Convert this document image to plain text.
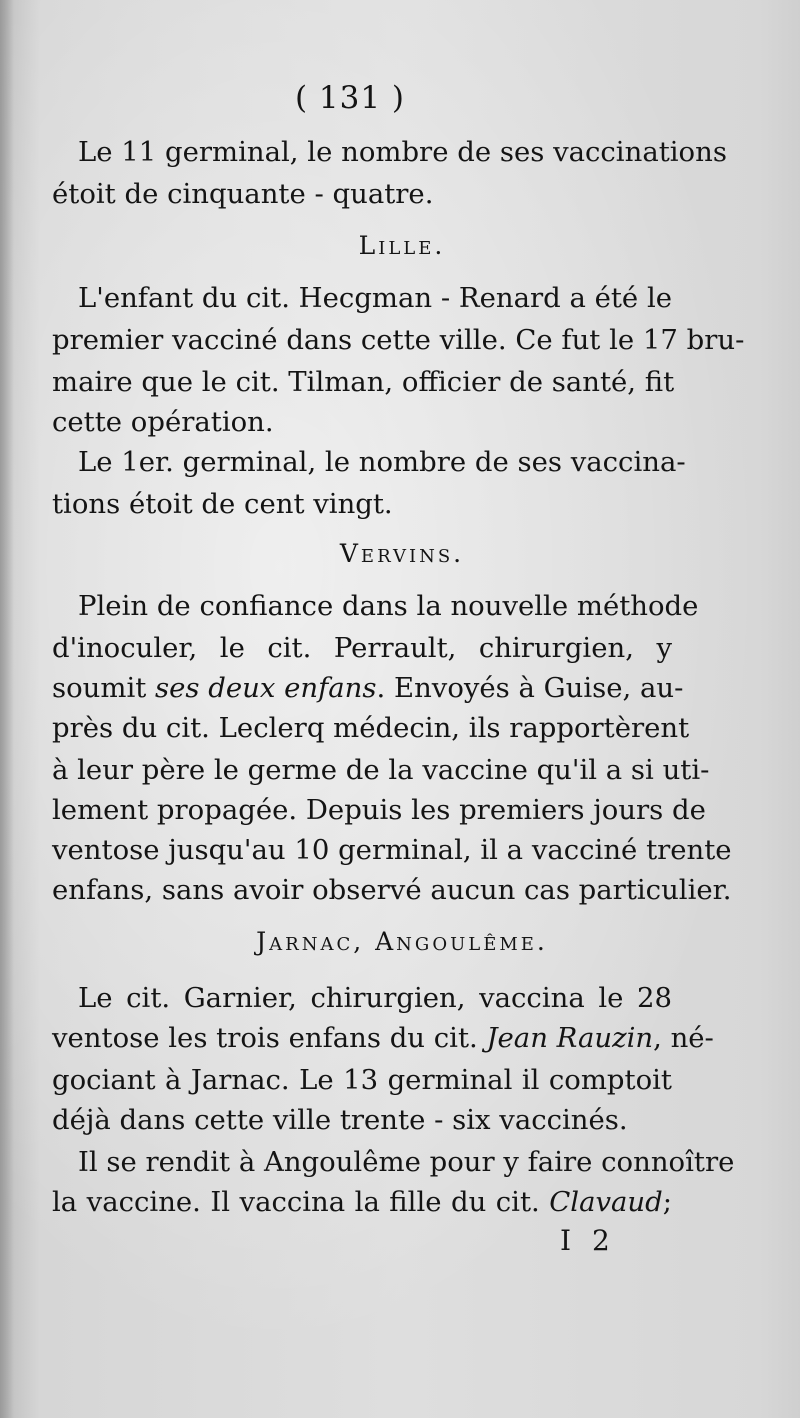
( 131 )
Le 11 germinal, le nombre de ses vaccinations
étoit de cinquante - quatre.
Lille.
L'enfant du cit. Hecgman - Renard a été le
premier vacciné dans cette ville. Ce fut le 17 bru-
maire que le cit. Tilman, officier de santé, fit
cette opération.
Le 1er. germinal, le nombre de ses vaccina-
tions étoit de cent vingt.
Vervins.
Plein de confiance dans la nouvelle méthode
d'inoculer, le cit. Perrault, chirurgien, y
soumit ses deux enfans. Envoyés à Guise, au-
près du cit. Leclerq médecin, ils rapportèrent
à leur père le germe de la vaccine qu'il a si uti-
lement propagée. Depuis les premiers jours de
ventose jusqu'au 10 germinal, il a vacciné trente
enfans, sans avoir observé aucun cas particulier.
Jarnac, Angoulême.
Le cit. Garnier, chirurgien, vaccina le 28
ventose les trois enfans du cit. Jean Rauzin, né-
gociant à Jarnac. Le 13 germinal il comptoit
déjà dans cette ville trente - six vaccinés.
Il se rendit à Angoulême pour y faire connoître
la vaccine. Il vaccina la fille du cit. Clavaud;
I 2
